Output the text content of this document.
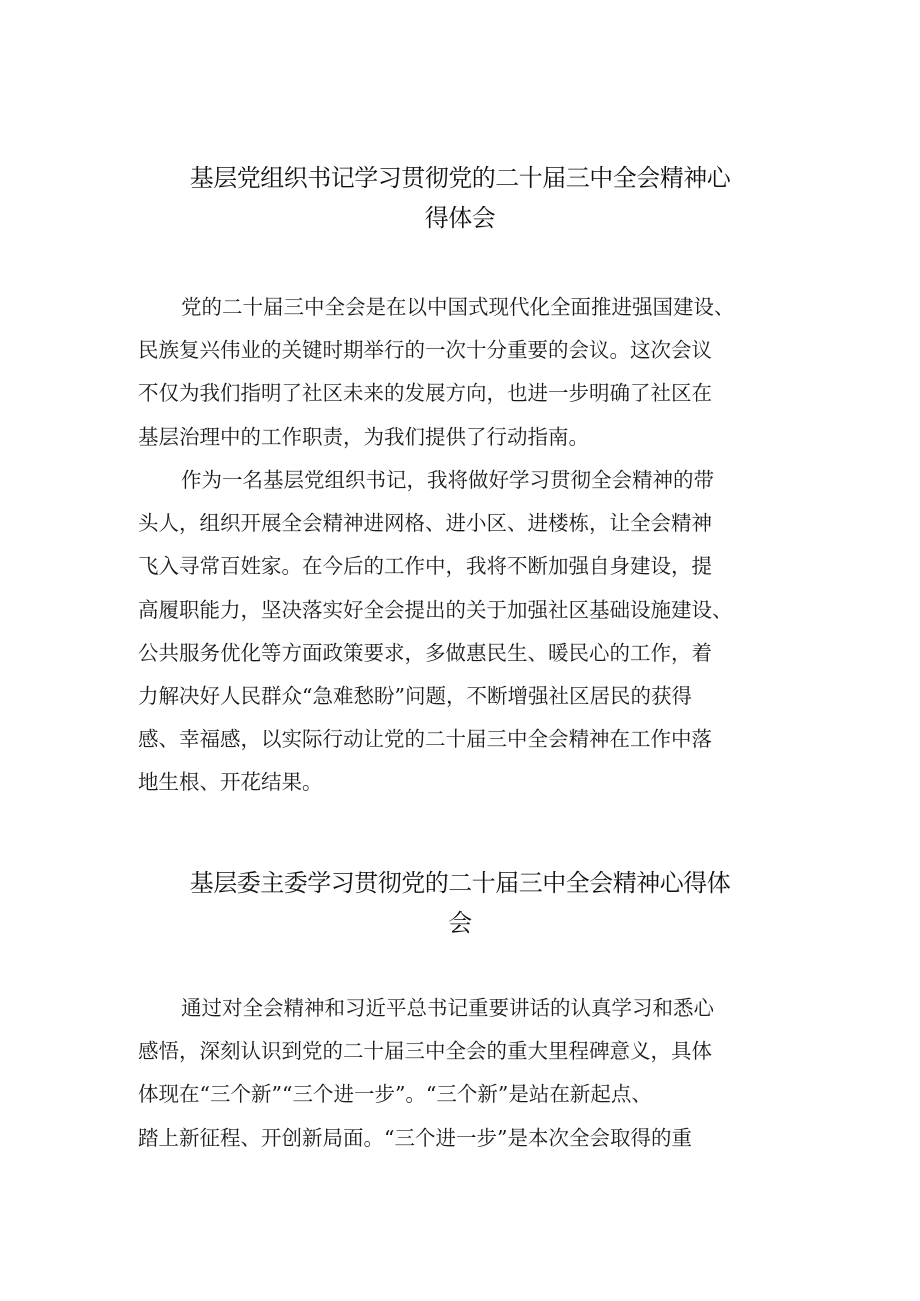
基层党组织书记学习贯彻党的二十届三中全会精神心
得体会

党的二十届三中全会是在以中国式现代化全面推进强国建设、
民族复兴伟业的关键时期举行的一次十分重要的会议。这次会议
不仅为我们指明了社区未来的发展方向，也进一步明确了社区在
基层治理中的工作职责，为我们提供了行动指南。

作为一名基层党组织书记，我将做好学习贯彻全会精神的带
头人，组织开展全会精神进网格、进小区、进楼栋，让全会精神
飞入寻常百姓家。在今后的工作中，我将不断加强自身建设，提
高履职能力，坚决落实好全会提出的关于加强社区基础设施建设、
公共服务优化等方面政策要求，多做惠民生、暖民心的工作，着
力解决好人民群众“急难愁盼”问题，不断增强社区居民的获得
感、幸福感，以实际行动让党的二十届三中全会精神在工作中落
地生根、开花结果。

基层委主委学习贯彻党的二十届三中全会精神心得体
会

通过对全会精神和习近平总书记重要讲话的认真学习和悉心
感悟，深刻认识到党的二十届三中全会的重大里程碑意义，具体
体现在“三个新”“三个进一步”。“三个新”是站在新起点、
踏上新征程、开创新局面。“三个进一步”是本次全会取得的重
